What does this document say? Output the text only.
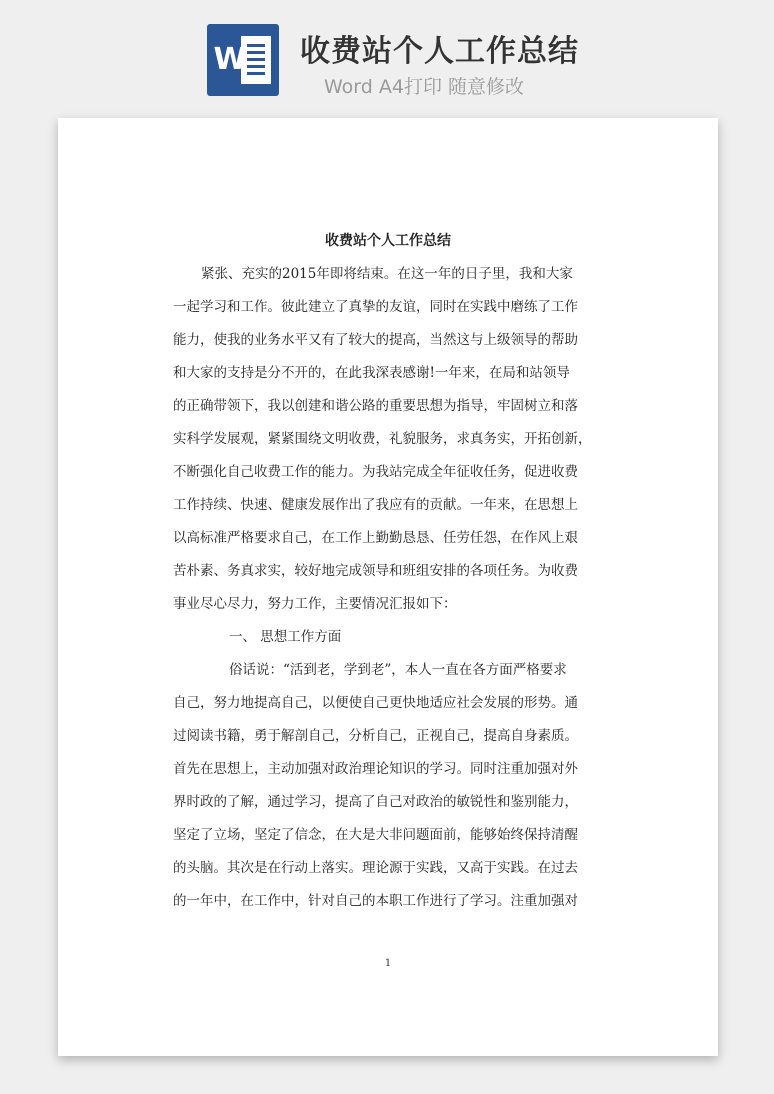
W 收费站个人工作总结
Word A4打印 随意修改
收费站个人工作总结
紧张、充实的2015年即将结束。在这一年的日子里，我和大家
一起学习和工作。彼此建立了真挚的友谊，同时在实践中磨练了工作
能力，使我的业务水平又有了较大的提高，当然这与上级领导的帮助
和大家的支持是分不开的，在此我深表感谢!一年来，在局和站领导
的正确带领下，我以创建和谐公路的重要思想为指导，牢固树立和落
实科学发展观，紧紧围绕文明收费，礼貌服务，求真务实，开拓创新，
不断强化自己收费工作的能力。为我站完成全年征收任务，促进收费
工作持续、快速、健康发展作出了我应有的贡献。一年来，在思想上
以高标准严格要求自己，在工作上勤勤恳恳、任劳任怨，在作风上艰
苦朴素、务真求实，较好地完成领导和班组安排的各项任务。为收费
事业尽心尽力，努力工作，主要情况汇报如下：
一、 思想工作方面
俗话说：“活到老，学到老”，本人一直在各方面严格要求
自己，努力地提高自己，以便使自己更快地适应社会发展的形势。通
过阅读书籍，勇于解剖自己，分析自己，正视自己，提高自身素质。
首先在思想上，主动加强对政治理论知识的学习。同时注重加强对外
界时政的了解，通过学习，提高了自己对政治的敏锐性和鉴别能力，
坚定了立场，坚定了信念，在大是大非问题面前，能够始终保持清醒
的头脑。其次是在行动上落实。理论源于实践，又高于实践。在过去
的一年中，在工作中，针对自己的本职工作进行了学习。注重加强对
1
